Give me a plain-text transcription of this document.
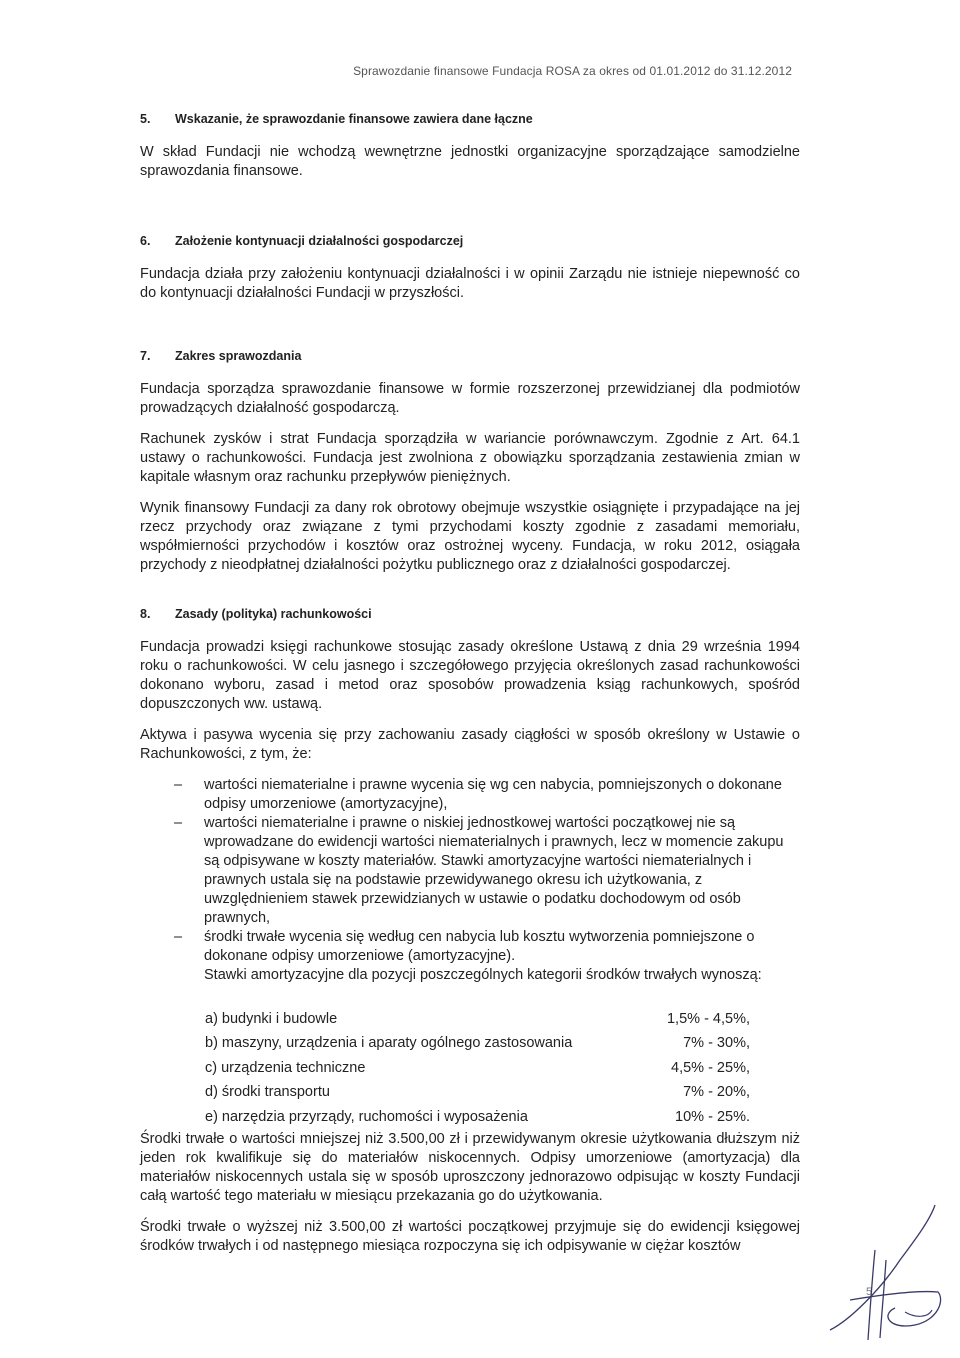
Sprawozdanie finansowe Fundacja ROSA za okres od 01.01.2012 do 31.12.2012
5. Wskazanie, że sprawozdanie finansowe zawiera dane łączne

W skład Fundacji nie wchodzą wewnętrzne jednostki organizacyjne sporządzające samodzielne sprawozdania finansowe.

6. Założenie kontynuacji działalności gospodarczej

Fundacja działa przy założeniu kontynuacji działalności i w opinii Zarządu nie istnieje niepewność co do kontynuacji działalności Fundacji w przyszłości.

7. Zakres sprawozdania

Fundacja sporządza sprawozdanie finansowe w formie rozszerzonej przewidzianej dla podmiotów prowadzących działalność gospodarczą.

Rachunek zysków i strat Fundacja sporządziła w wariancie porównawczym. Zgodnie z Art. 64.1 ustawy o rachunkowości. Fundacja jest zwolniona z obowiązku sporządzania zestawienia zmian w kapitale własnym oraz rachunku przepływów pieniężnych.

Wynik finansowy Fundacji za dany rok obrotowy obejmuje wszystkie osiągnięte i przypadające na jej rzecz przychody oraz związane z tymi przychodami koszty zgodnie z zasadami memoriału, współmierności przychodów i kosztów oraz ostrożnej wyceny. Fundacja, w roku 2012, osiągała przychody z nieodpłatnej działalności pożytku publicznego oraz z działalności gospodarczej.

8. Zasady (polityka) rachunkowości

Fundacja prowadzi księgi rachunkowe stosując zasady określone Ustawą z dnia 29 września 1994 roku o rachunkowości. W celu jasnego i szczegółowego przyjęcia określonych zasad rachunkowości dokonano wyboru, zasad i metod oraz sposobów prowadzenia ksiąg rachunkowych, spośród dopuszczonych ww. ustawą.

Aktywa i pasywa wycenia się przy zachowaniu zasady ciągłości w sposób określony w Ustawie o Rachunkowości, z tym, że:

– wartości niematerialne i prawne wycenia się wg cen nabycia, pomniejszonych o dokonane odpisy umorzeniowe (amortyzacyjne),
– wartości niematerialne i prawne o niskiej jednostkowej wartości początkowej nie są wprowadzane do ewidencji wartości niematerialnych i prawnych, lecz w momencie zakupu są odpisywane w koszty materiałów. Stawki amortyzacyjne wartości niematerialnych i prawnych ustala się na podstawie przewidywanego okresu ich użytkowania, z uwzględnieniem stawek przewidzianych w ustawie o podatku dochodowym od osób prawnych,
– środki trwałe wycenia się według cen nabycia lub kosztu wytworzenia pomniejszone o dokonane odpisy umorzeniowe (amortyzacyjne).
Stawki amortyzacyjne dla pozycji poszczególnych kategorii środków trwałych wynoszą:
a) budynki i budowle	1,5% - 4,5%,
b) maszyny, urządzenia i aparaty ogólnego zastosowania	7% - 30%,
c) urządzenia techniczne	4,5% - 25%,
d) środki transportu	7% - 20%,
e) narzędzia przyrządy, ruchomości i wyposażenia	10% - 25%.

Środki trwałe o wartości mniejszej niż 3.500,00 zł i przewidywanym okresie użytkowania dłuższym niż jeden rok kwalifikuje się do materiałów niskocennych. Odpisy umorzeniowe (amortyzacja) dla materiałów niskocennych ustala się w sposób uproszczony jednorazowo odpisując w koszty Fundacji całą wartość tego materiału w miesiącu przekazania go do użytkowania.

Środki trwałe o wyższej niż 3.500,00 zł wartości początkowej przyjmuje się do ewidencji księgowej środków trwałych i od następnego miesiąca rozpoczyna się ich odpisywanie w ciężar kosztów

5
